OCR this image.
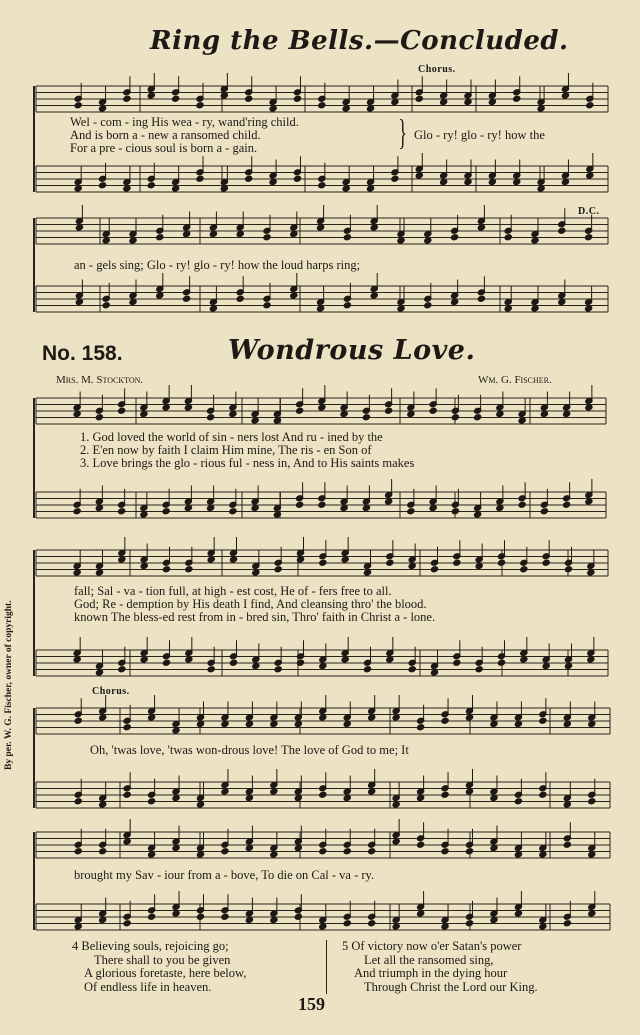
Ring the Bells.—Concluded.
Chorus.
Wel - com - ing His wea - ry, wand'ring child.
And is born a - new a ransomed child.
For a pre - cious soul is born a - gain.	} Glo - ry! glo - ry! how the
D.C.
an - gels sing; Glo - ry! glo - ry! how the loud harps ring;
No. 158.	Wondrous Love.
Mrs. M. Stockton.	Wm. G. Fischer.
1. God loved the world of sin - ners lost And ru - ined by the
2. E'en now by faith I claim Him mine, The ris - en Son of
3. Love brings the glo - rious ful - ness in, And to His saints makes
fall; Sal - va - tion full, at high - est cost, He of - fers free to all.
God; Re - demption by His death I find, And cleansing thro' the blood.
known The bless-ed rest from in - bred sin, Thro' faith in Christ a - lone.
Chorus.
Oh, 'twas love, 'twas won-drous love! The love of God to me; It
brought my Sav - iour from a - bove, To die on Cal - va - ry.
By per. W. G. Fischer, owner of copyright.
4 Believing souls, rejoicing go;
There shall to you be given
A glorious foretaste, here below,
Of endless life in heaven.
5 Of victory now o'er Satan's power
Let all the ransomed sing,
And triumph in the dying hour
Through Christ the Lord our King.
159
